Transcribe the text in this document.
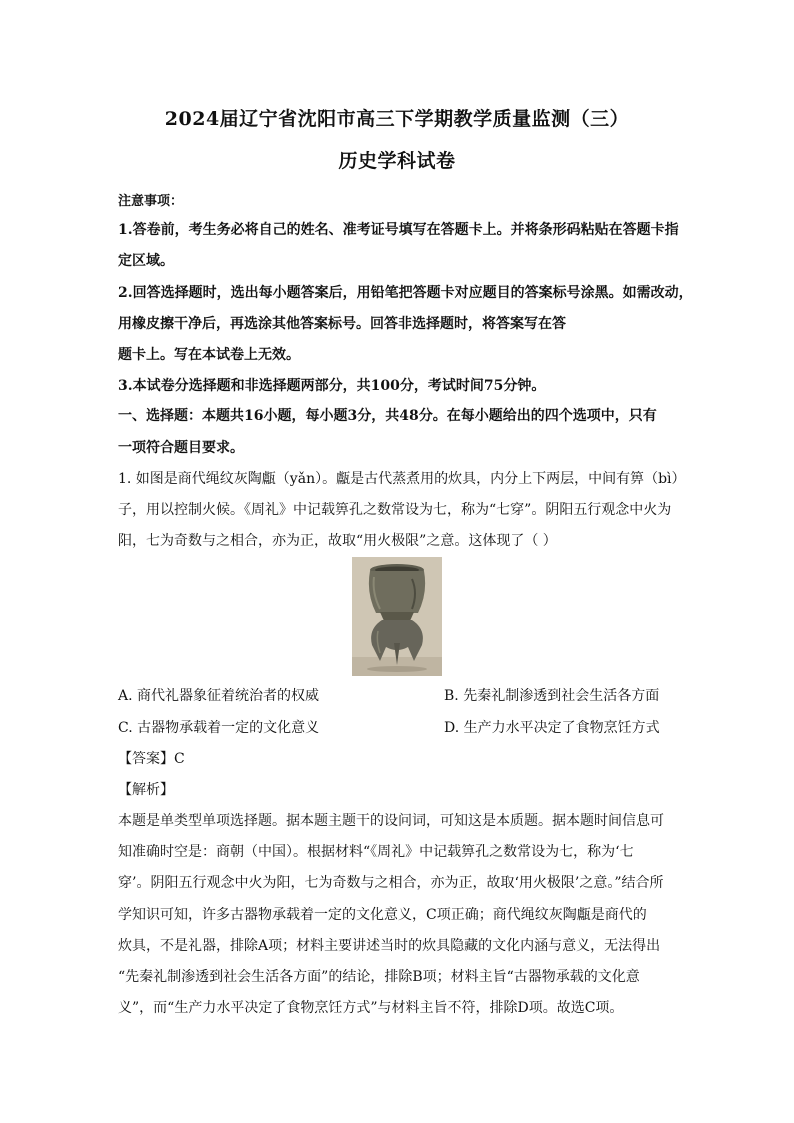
2024届辽宁省沈阳市高三下学期教学质量监测（三）
历史学科试卷
注意事项：
1.答卷前，考生务必将自己的姓名、准考证号填写在答题卡上。并将条形码粘贴在答题卡指
定区域。
2.回答选择题时，选出每小题答案后，用铅笔把答题卡对应题目的答案标号涂黑。如需改动，
用橡皮擦干净后，再选涂其他答案标号。回答非选择题时，将答案写在答
题卡上。写在本试卷上无效。
3.本试卷分选择题和非选择题两部分，共100分，考试时间75分钟。
一、选择题：本题共16小题，每小题3分，共48分。在每小题给出的四个选项中，只有
一项符合题目要求。
1. 如图是商代绳纹灰陶甗（yǎn）。甗是古代蒸煮用的炊具，内分上下两层，中间有箅（bì）
子，用以控制火候。《周礼》中记载箅孔之数常设为七，称为“七穿”。阴阳五行观念中火为
阳，七为奇数与之相合，亦为正，故取“用火极限”之意。这体现了（ ）
A. 商代礼器象征着统治者的权威	B. 先秦礼制渗透到社会生活各方面
C. 古器物承载着一定的文化意义	D. 生产力水平决定了食物烹饪方式
【答案】C
【解析】
本题是单类型单项选择题。据本题主题干的设问词，可知这是本质题。据本题时间信息可
知准确时空是：商朝（中国）。根据材料“《周礼》中记载箅孔之数常设为七，称为‘七
穿’。阴阳五行观念中火为阳，七为奇数与之相合，亦为正，故取‘用火极限’之意。”结合所
学知识可知，许多古器物承载着一定的文化意义，C项正确；商代绳纹灰陶甗是商代的
炊具，不是礼器，排除A项；材料主要讲述当时的炊具隐藏的文化内涵与意义，无法得出
“先秦礼制渗透到社会生活各方面”的结论，排除B项；材料主旨“古器物承载的文化意
义”，而“生产力水平决定了食物烹饪方式”与材料主旨不符，排除D项。故选C项。
